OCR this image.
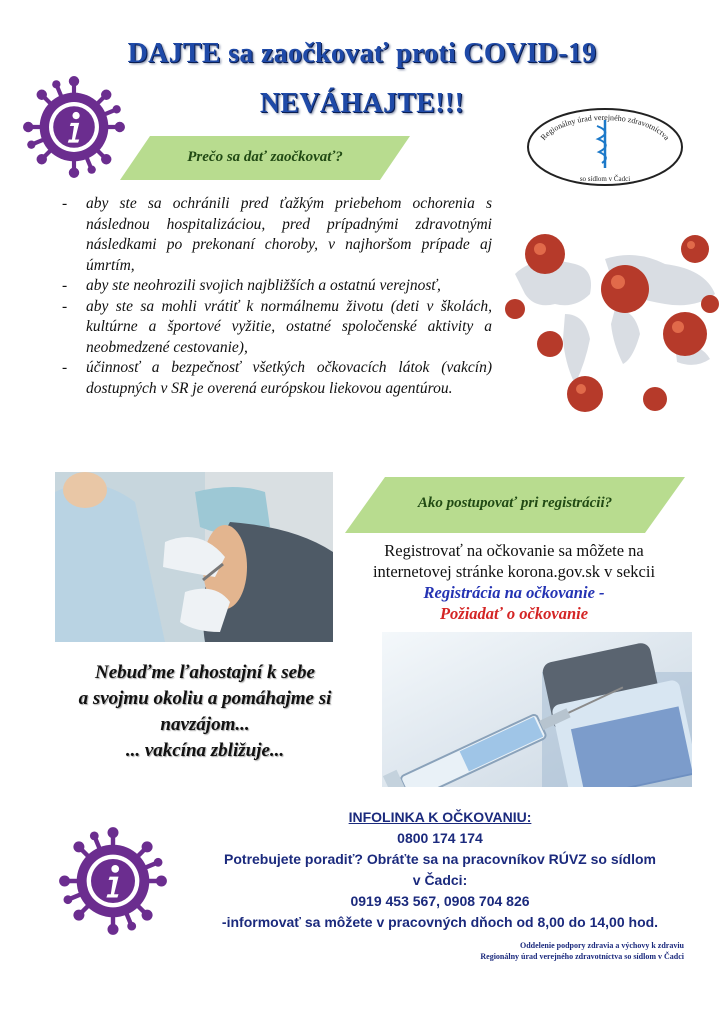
DAJTE sa zaočkovať proti COVID-19
NEVÁHAJTE!!!
Regionálny úrad verejného zdravotníctva
so sídlom v Čadci
Prečo sa dať zaočkovať?
- aby ste sa ochránili pred ťažkým priebehom ochorenia s následnou hospitalizáciou, pred prípadnými zdravotnými následkami po prekonaní choroby, v najhoršom prípade aj úmrtím,
- aby ste neohrozili svojich najbližších a ostatnú verejnosť,
- aby ste sa mohli vrátiť k normálnemu životu (deti v školách, kultúrne a športové vyžitie, ostatné spoločenské aktivity a neobmedzené cestovanie),
- účinnosť a bezpečnosť všetkých očkovacích látok (vakcín) dostupných v SR je overená európskou liekovou agentúrou.
Ako postupovať pri registrácii?
Registrovať na očkovanie sa môžete na internetovej stránke korona.gov.sk v sekcii
Registrácia na očkovanie -
Požiadať o očkovanie
Nebuďme ľahostajní k sebe
a svojmu okoliu a pomáhajme si
navzájom...
... vakcína zbližuje...
INFOLINKA K OČKOVANIU:
0800 174 174
Potrebujete poradiť? Obráťte sa na pracovníkov RÚVZ so sídlom
v Čadci:
0919 453 567, 0908 704 826
-informovať sa môžete v pracovných dňoch od 8,00 do 14,00 hod.
Oddelenie podpory zdravia a výchovy k zdraviu
Regionálny úrad verejného zdravotníctva so sídlom v Čadci
